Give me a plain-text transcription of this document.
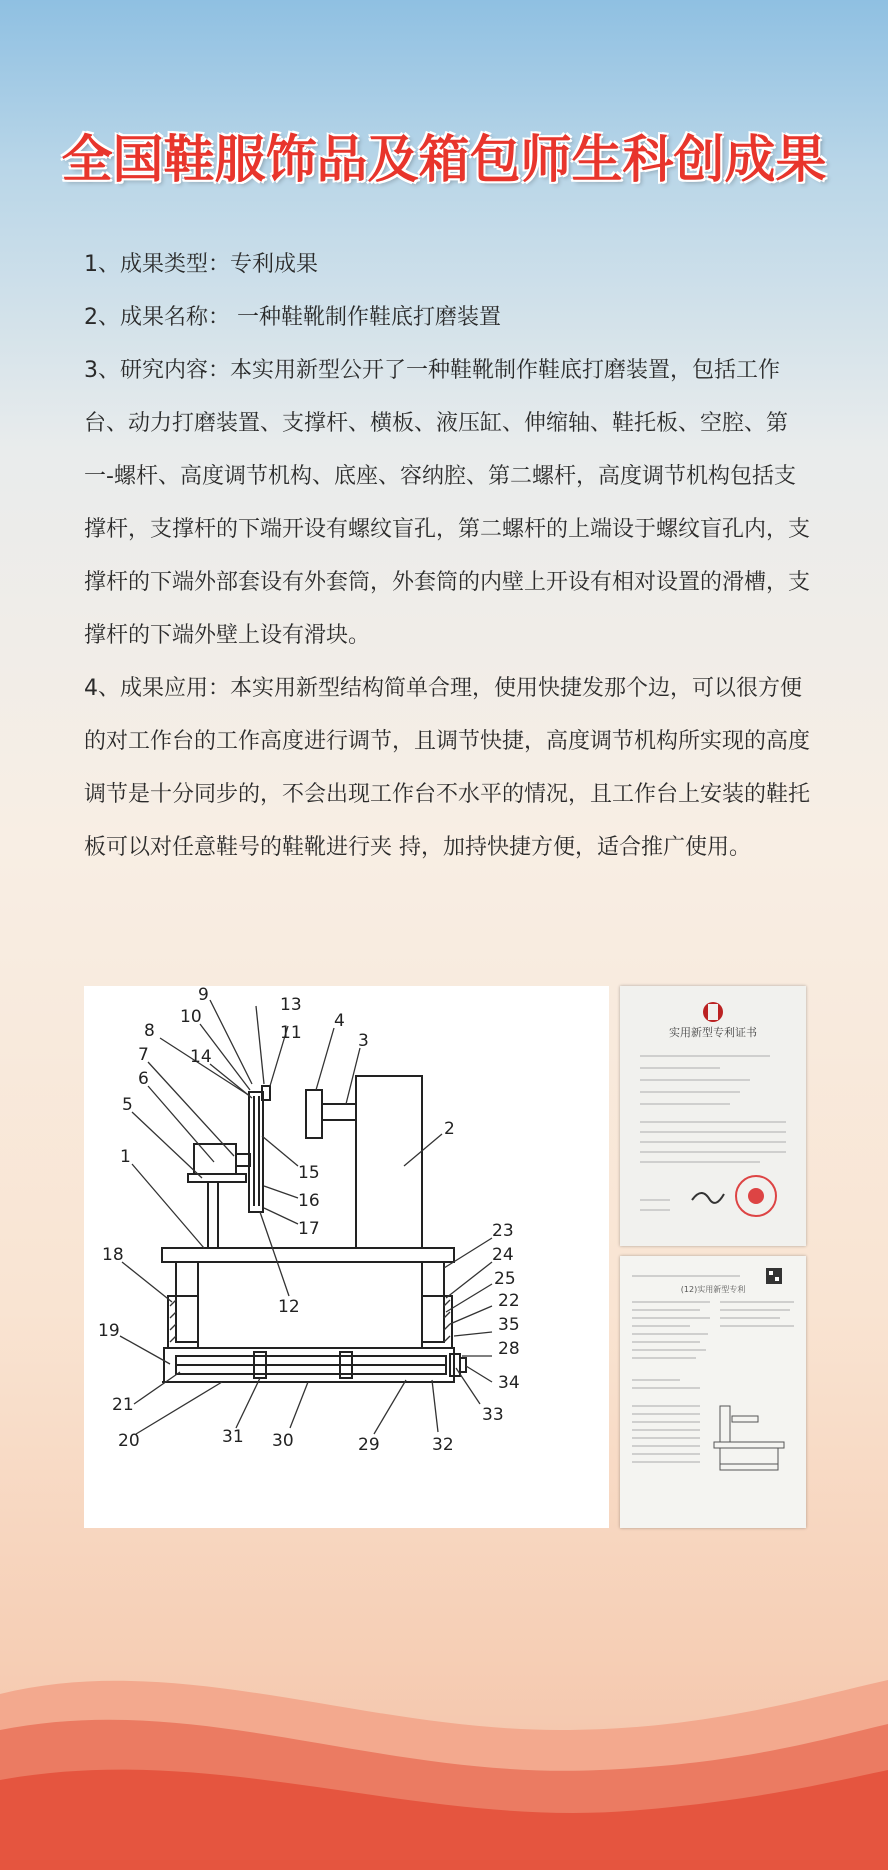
全国鞋服饰品及箱包师生科创成果

1、成果类型：专利成果

2、成果名称： 一种鞋靴制作鞋底打磨装置

3、研究内容：本实用新型公开了一种鞋靴制作鞋底打磨装置，包括工作台、动力打磨装置、支撑杆、横板、液压缸、伸缩轴、鞋托板、空腔、第一-螺杆、高度调节机构、底座、容纳腔、第二螺杆，高度调节机构包括支撑杆，支撑杆的下端开设有螺纹盲孔，第二螺杆的上端设于螺纹盲孔内，支撑杆的下端外部套设有外套筒，外套筒的内壁上开设有相对设置的滑槽，支撑杆的下端外壁上设有滑块。

4、成果应用：本实用新型结构简单合理，使用快捷发那个边，可以很方便的对工作台的工作高度进行调节，且调节快捷，高度调节机构所实现的高度调节是十分同步的，不会出现工作台不水平的情况，且工作台上安装的鞋托板可以对任意鞋号的鞋靴进行夹 持，加持快捷方便，适合推广使用。

9	13
10
11
4
3
8
14
7
6
5
2
15
1
16
17
12
23
18	24
25
22
35
19
28
21
34
33
20	31 30	29	32
实用新型专利证书
(12)实用新型专利
